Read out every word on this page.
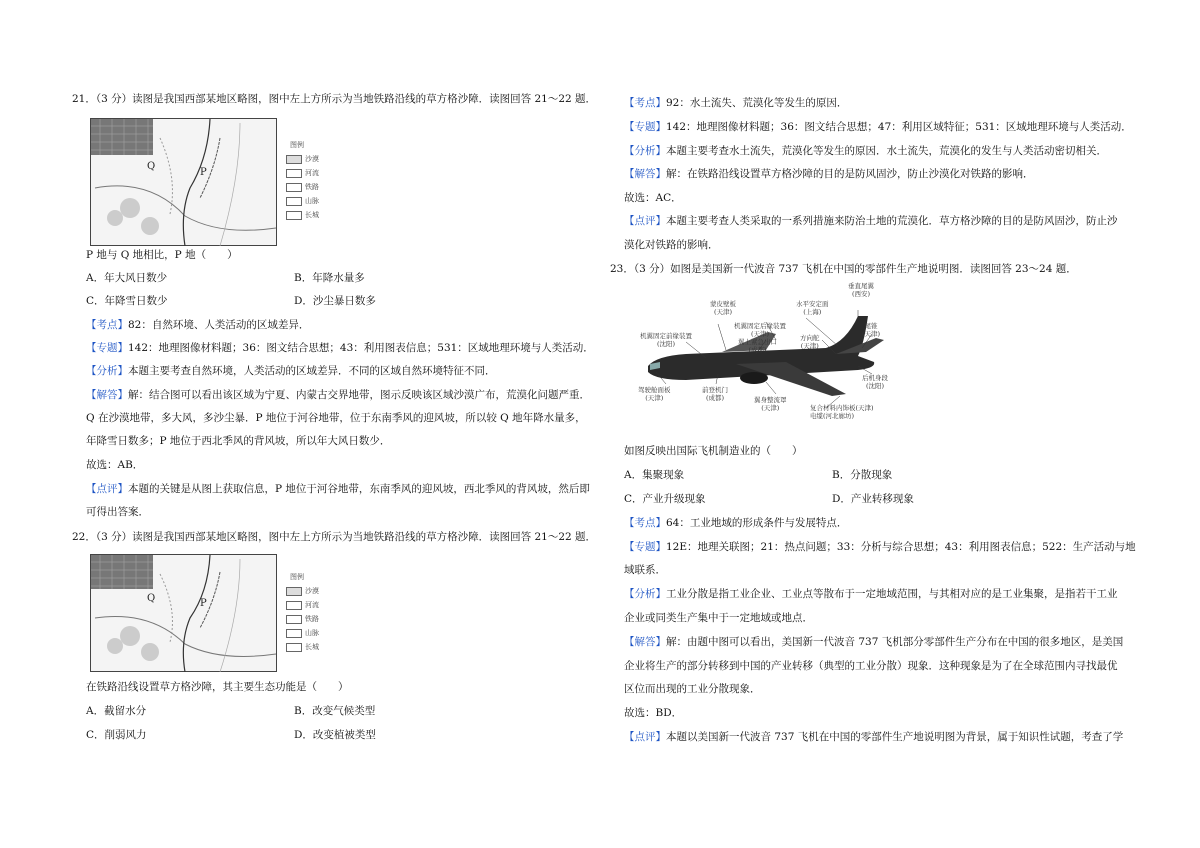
21．（3 分）读图是我国西部某地区略图，图中左上方所示为当地铁路沿线的草方格沙障．读图回答 21～22 题．
Q
P
图例
沙漠
河流
铁路
山脉
长城
P 地与 Q 地相比，P 地（　　）
A．年大风日数少	B．年降水量多
C．年降雪日数少	D．沙尘暴日数多
【考点】82：自然环境、人类活动的区域差异．
【专题】142：地理图像材料题；36：图文结合思想；43：利用图表信息；531：区域地理环境与人类活动．
【分析】本题主要考查自然环境，人类活动的区域差异．不同的区域自然环境特征不同．
【解答】解：结合图可以看出该区域为宁夏、内蒙古交界地带，图示反映该区域沙漠广布，荒漠化问题严重．
Q 在沙漠地带，多大风，多沙尘暴．P 地位于河谷地带，位于东南季风的迎风坡，所以较 Q 地年降水量多，
年降雪日数多；P 地位于西北季风的背风坡，所以年大风日数少．
故选：AB．
【点评】本题的关键是从图上获取信息，P 地位于河谷地带，东南季风的迎风坡，西北季风的背风坡，然后即
可得出答案．
22．（3 分）读图是我国西部某地区略图，图中左上方所示为当地铁路沿线的草方格沙障．读图回答 21～22 题．
Q	P
图例
沙漠
河流
铁路
山脉
长城
在铁路沿线设置草方格沙障，其主要生态功能是（　　）
A．截留水分	B．改变气候类型
C．削弱风力	D．改变植被类型
【考点】92：水土流失、荒漠化等发生的原因．
【专题】142：地理图像材料题；36：图文结合思想；47：利用区域特征；531：区域地理环境与人类活动．
【分析】本题主要考查水土流失，荒漠化等发生的原因．水土流失，荒漠化的发生与人类活动密切相关．
【解答】解：在铁路沿线设置草方格沙障的目的是防风固沙，防止沙漠化对铁路的影响．
故选：AC．
【点评】本题主要考查人类采取的一系列措施来防治土地的荒漠化．草方格沙障的目的是防风固沙，防止沙
漠化对铁路的影响．
23．（3 分）如图是美国新一代波音 737 飞机在中国的零部件生产地说明图．读图回答 23～24 题．
垂直尾翼
(西安)
蒙皮壁板
(天津)
水平安定面
(上海)
机翼固定后缘装置
(天津)
机翼固定前缘装置
(沈阳)	翼上紧急出口
(成都)
方向舵
(天津)
尾锥
(天津)
后机身段
(沈阳)
驾驶舱面板
(天津)
前登机门
(成都)	翼身整流罩
(天津)	复合材料内饰板(天津)
电缆(河北廊坊)
如图反映出国际飞机制造业的（　　）
A．集聚现象	B．分散现象
C．产业升级现象	D．产业转移现象
【考点】64：工业地域的形成条件与发展特点．
【专题】12E：地理关联图；21：热点问题；33：分析与综合思想；43：利用图表信息；522：生产活动与地
域联系．
【分析】工业分散是指工业企业、工业点等散布于一定地域范围，与其相对应的是工业集聚，是指若干工业
企业或同类生产集中于一定地域或地点．
【解答】解：由题中图可以看出，美国新一代波音 737 飞机部分零部件生产分布在中国的很多地区，是美国
企业将生产的部分转移到中国的产业转移（典型的工业分散）现象．这种现象是为了在全球范围内寻找最优
区位而出现的工业分散现象．
故选：BD．
【点评】本题以美国新一代波音 737 飞机在中国的零部件生产地说明图为背景，属于知识性试题，考查了学
